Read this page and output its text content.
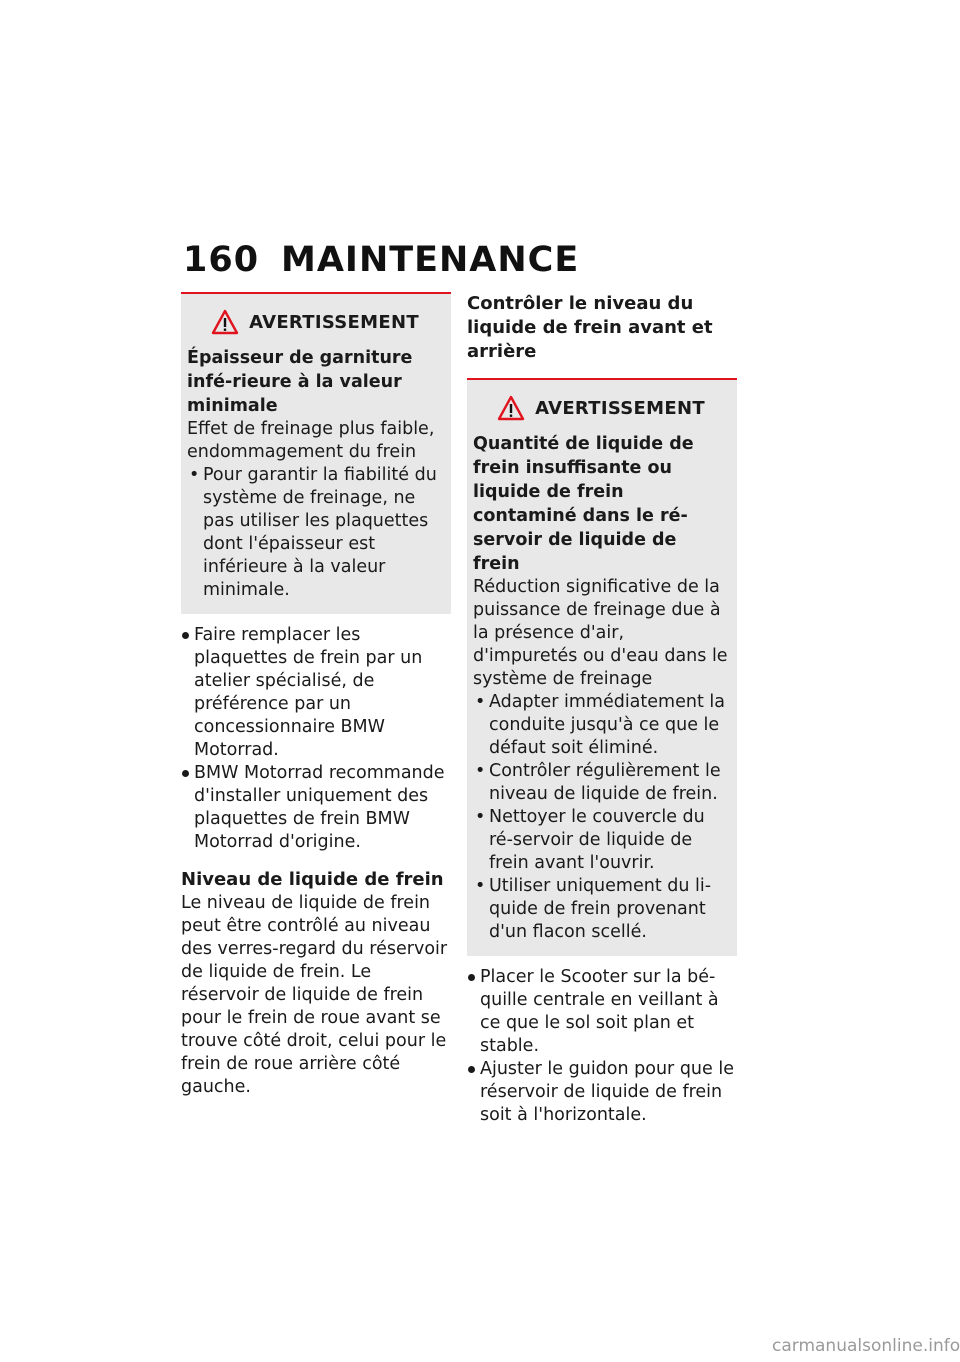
160 MAINTENANCE
AVERTISSEMENT
Épaisseur de garniture infé-rieure à la valeur minimale
Effet de freinage plus faible, endommagement du frein
• Pour garantir la fiabilité du système de freinage, ne pas utiliser les plaquettes dont l'épaisseur est inférieure à la valeur minimale.
Faire remplacer les plaquettes de frein par un atelier spécialisé, de préférence par un concessionnaire BMW Motorrad.
BMW Motorrad recommande d'installer uniquement des plaquettes de frein BMW Motorrad d'origine.
Niveau de liquide de frein
Le niveau de liquide de frein peut être contrôlé au niveau des verres-regard du réservoir de liquide de frein. Le réservoir de liquide de frein pour le frein de roue avant se trouve côté droit, celui pour le frein de roue arrière côté gauche.
Contrôler le niveau du liquide de frein avant et arrière
AVERTISSEMENT
Quantité de liquide de frein insuffisante ou liquide de frein contaminé dans le ré-servoir de liquide de frein
Réduction significative de la puissance de freinage due à la présence d'air, d'impuretés ou d'eau dans le système de freinage
• Adapter immédiatement la conduite jusqu'à ce que le défaut soit éliminé.
• Contrôler régulièrement le niveau de liquide de frein.
• Nettoyer le couvercle du ré-servoir de liquide de frein avant l'ouvrir.
• Utiliser uniquement du li-quide de frein provenant d'un flacon scellé.
Placer le Scooter sur la bé-quille centrale en veillant à ce que le sol soit plan et stable.
Ajuster le guidon pour que le réservoir de liquide de frein soit à l'horizontale.
carmanualsonline.info
